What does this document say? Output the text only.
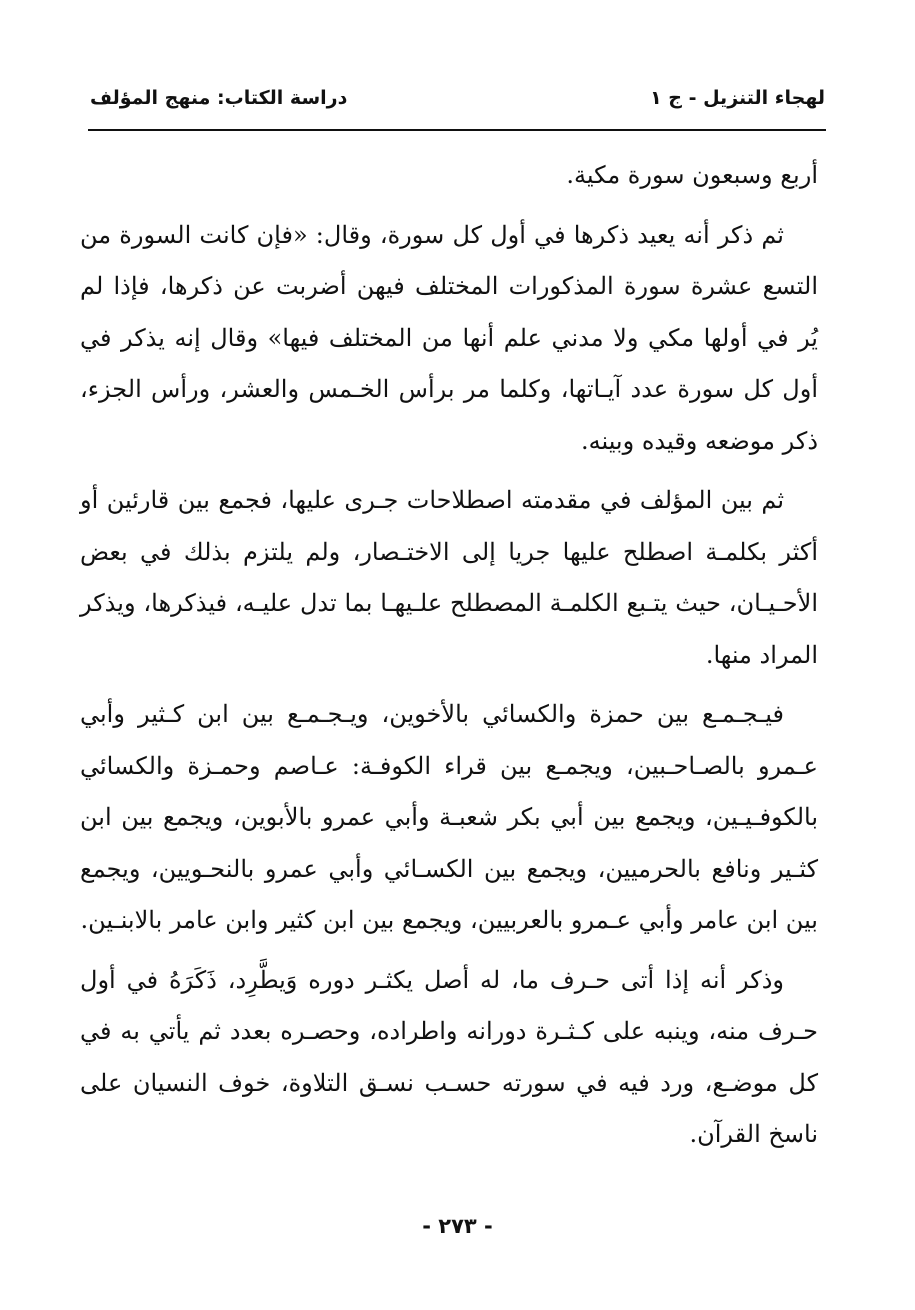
لهجاء التنزيل - ج ١
دراسة الكتاب: منهج المؤلف

أربع وسبعون سورة مكية.

ثم ذكر أنه يعيد ذكرها في أول كل سورة، وقال: «فإن كانت السورة من التسع عشرة سورة المذكورات المختلف فيهن أضربت عن ذكرها، فإذا لم يُر في أولها مكي ولا مدني علم أنها من المختلف فيها» وقال إنه يذكر في أول كل سورة عدد آيـاتها، وكلما مر برأس الخـمس والعشر، ورأس الجزء، ذكر موضعه وقيده وبينه.

ثم بين المؤلف في مقدمته اصطلاحات جـرى عليها، فجمع بين قارئين أو أكثر بكلمـة اصطلح عليها جريا إلى الاختـصار، ولم يلتزم بذلك في بعض الأحـيـان، حيث يتـبع الكلمـة المصطلح علـيهـا بما تدل عليـه، فيذكرها، ويذكر المراد منها.

فيـجـمـع بين حمزة والكسائي بالأخوين، ويـجـمـع بين ابن كـثير وأبي عـمرو بالصـاحـبين، ويجمـع بين قراء الكوفـة: عـاصم وحمـزة والكسائي بالكوفـيـين، ويجمع بين أبي بكر شعبـة وأبي عمرو بالأبوين، ويجمع بين ابن كثـير ونافع بالحرميين، ويجمع بين الكسـائي وأبي عمرو بالنحـويين، ويجمع بين ابن عامر وأبي عـمرو بالعربيين، ويجمع بين ابن كثير وابن عامر بالابنـين.

وذكر أنه إذا أتى حـرف ما، له أصل يكثـر دوره وَيطَّرِد، ذَكَرَهُ في أول حـرف منه، وينبه على كـثـرة دورانه واطراده، وحصـره بعدد ثم يأتي به في كل موضـع، ورد فيه في سورته حسـب نسـق التلاوة، خوف النسيان على ناسخ القرآن.

- ٢٧٣ -
